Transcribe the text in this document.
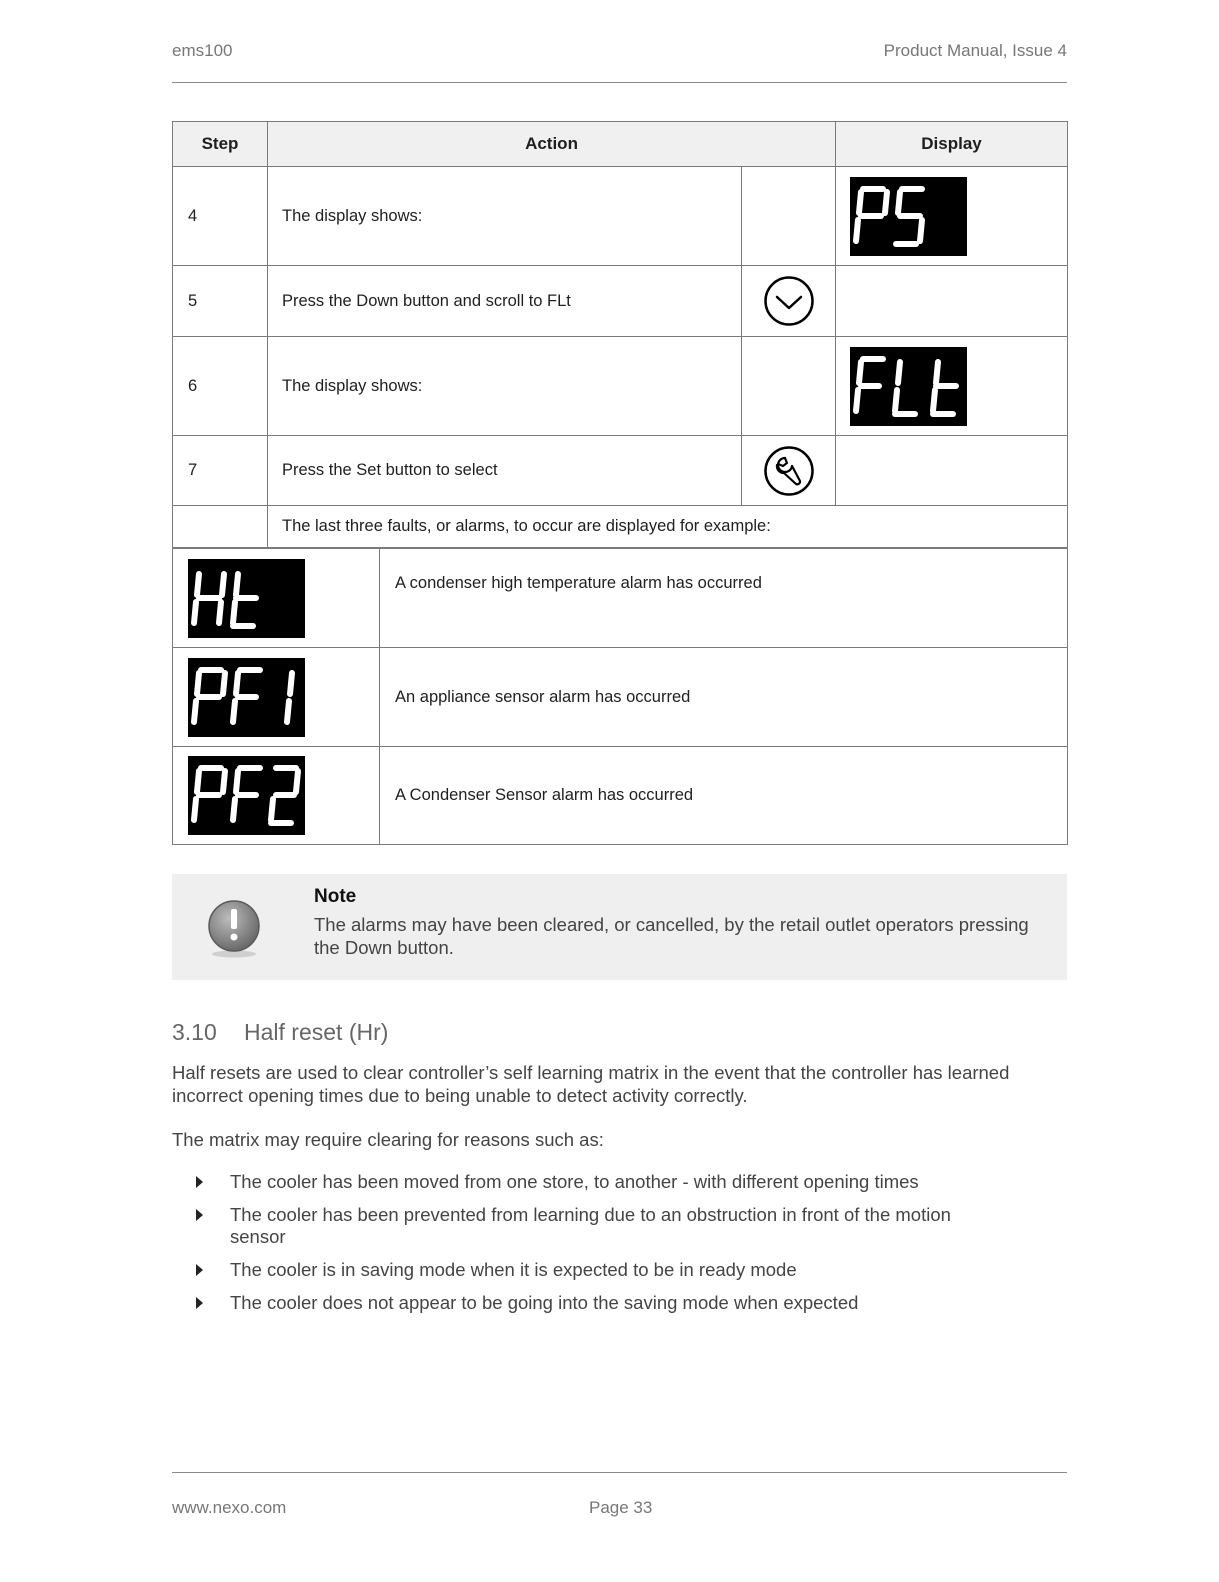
ems100	Product Manual, Issue 4
Step	Action		Display
4	The display shows:		

5	Press the Down button and scroll to FLt	

6	The display shows:		

7	Press the Set button to select	

	The last three faults, or alarms, to occur are displayed for example:		
	A condenser high temperature alarm has occurred

	An appliance sensor alarm has occurred

	A Condenser Sensor alarm has occurred
Note
The alarms may have been cleared, or cancelled, by the retail outlet operators pressing the Down button.
3.10 Half reset (Hr)
Half resets are used to clear controller’s self learning matrix in the event that the controller has learned incorrect opening times due to being unable to detect activity correctly.
The matrix may require clearing for reasons such as:
The cooler has been moved from one store, to another - with different opening times
The cooler has been prevented from learning due to an obstruction in front of the motion sensor
The cooler is in saving mode when it is expected to be in ready mode
The cooler does not appear to be going into the saving mode when expected
www.nexo.com	Page 33
